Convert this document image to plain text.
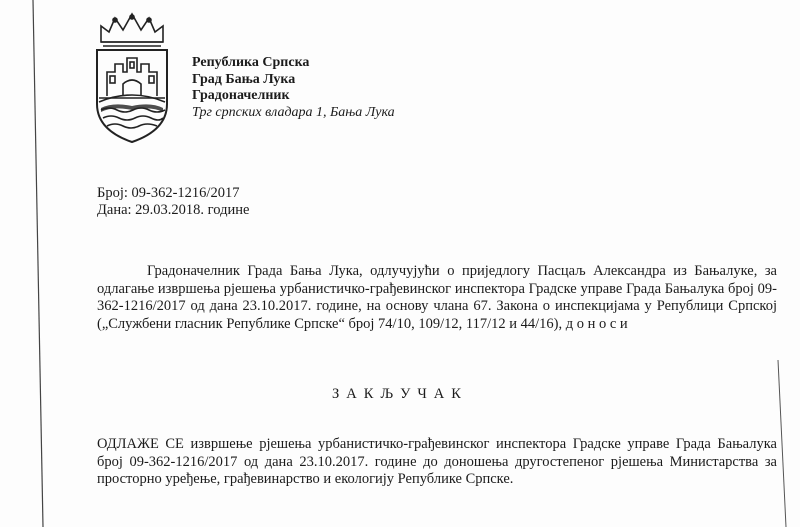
Република Српска
Град Бањa Лука
Градоначелник
Трг српских владара 1, Бања Лука
Број: 09-362-1216/2017
Дана: 29.03.2018. године
Градоначелник Града Бања Лука, одлучујући о приједлогу Пасцаљ Александра из Бањалуке, за одлагање извршења рјешења урбанистичко-грађевинског инспектора Градске управе Града Бањалука број 09-362-1216/2017 од дана 23.10.2017. године, на основу члана 67. Закона о инспекцијама у Републици Српској („Службени гласник Републике Српске“ број 74/10, 109/12, 117/12 и 44/16), д о н о с и
ЗАКЉУЧАК
ОДЛАЖЕ СЕ извршење рјешења урбанистичко-грађевинског инспектора Градске управе Града Бањалука број 09-362-1216/2017 од дана 23.10.2017. године до доношења другостепеног рјешења Министарства за просторно уређење, грађевинарство и екологију Републике Српске.
